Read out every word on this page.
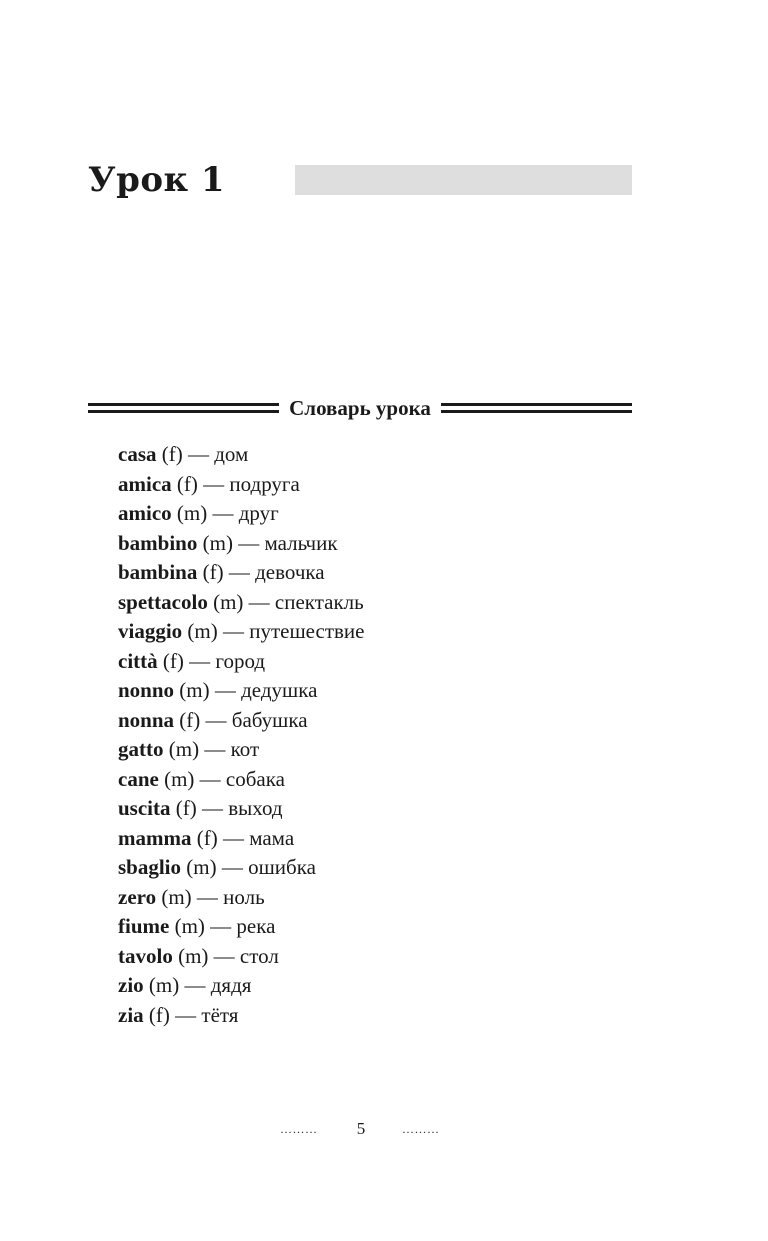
Урок 1
Словарь урока
casa (f) — дом
amica (f) — подруга
amico (m) — друг
bambino (m) — мальчик
bambina (f) — девочка
spettacolo (m) — спектакль
viaggio (m) — путешествие
città (f) — город
nonno (m) — дедушка
nonna (f) — бабушка
gatto (m) — кот
cane (m) — собака
uscita (f) — выход
mamma (f) — мама
sbaglio (m) — ошибка
zero (m) — ноль
fiume (m) — река
tavolo (m) — стол
zio (m) — дядя
zia (f) — тётя
……… 5	………
